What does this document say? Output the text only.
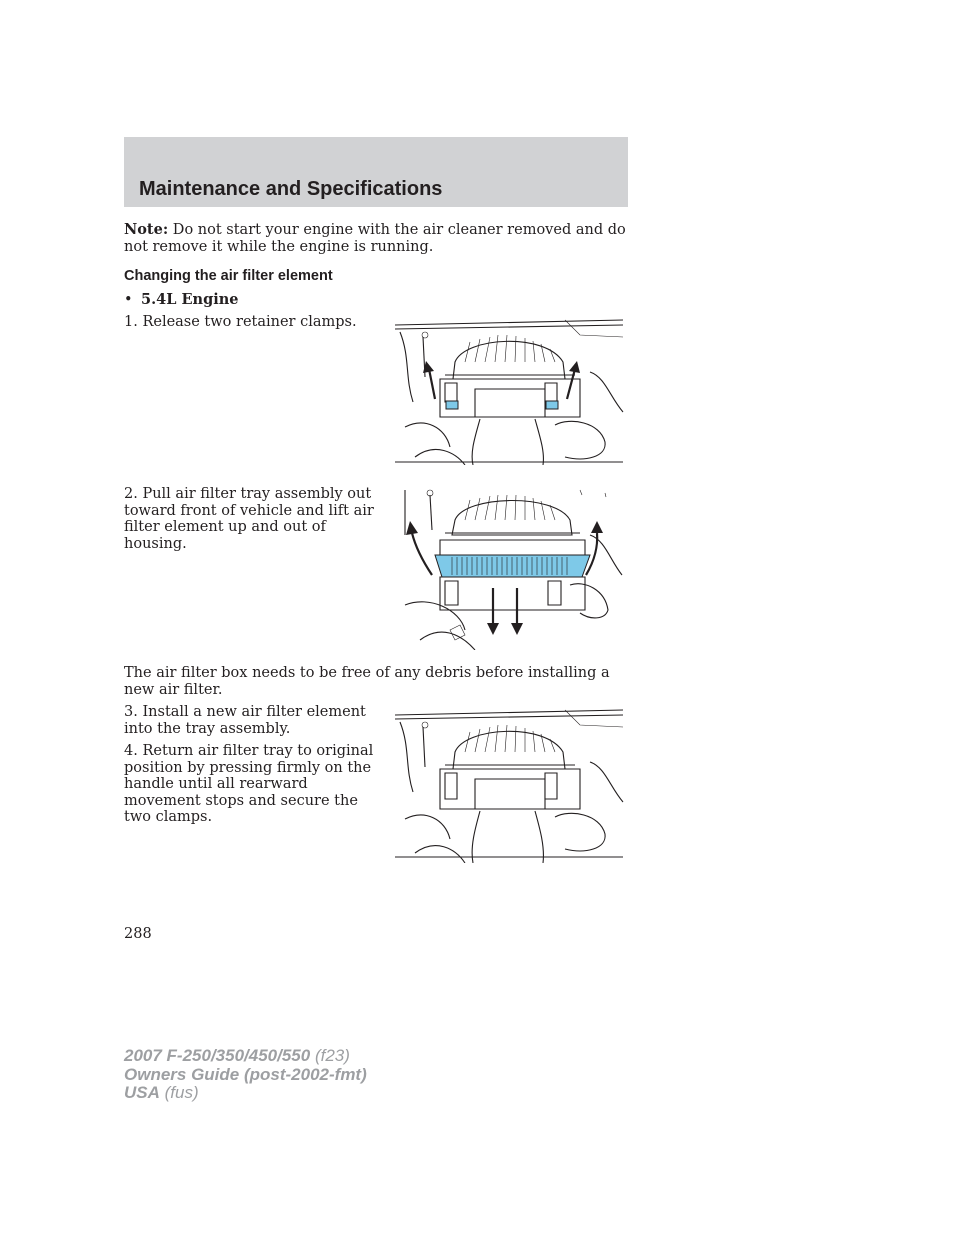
Maintenance and Specifications

Note: Do not start your engine with the air cleaner removed and do not remove it while the engine is running.

Changing the air filter element

• 5.4L Engine

1. Release two retainer clamps.

2. Pull air filter tray assembly out toward front of vehicle and lift air filter element up and out of housing.

The air filter box needs to be free of any debris before installing a new air filter.

3. Install a new air filter element into the tray assembly.

4. Return air filter tray to original position by pressing firmly on the handle until all rearward movement stops and secure the two clamps.

288

2007 F-250/350/450/550 (f23)
Owners Guide (post-2002-fmt)
USA (fus)
